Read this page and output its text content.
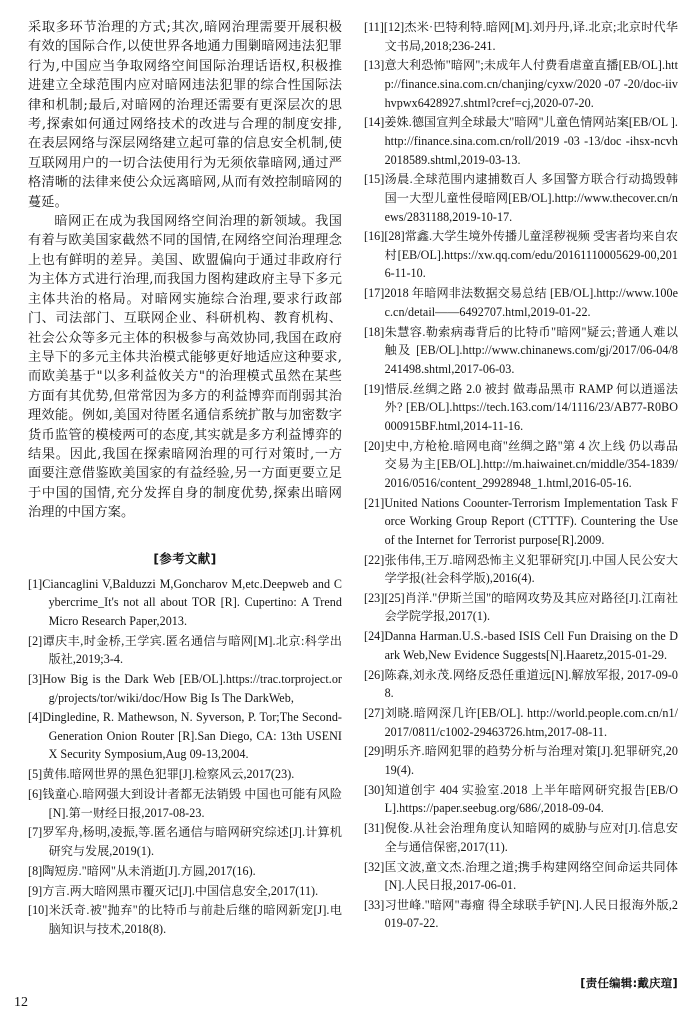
采取多环节治理的方式;其次,暗网治理需要开展积极有效的国际合作,以使世界各地通力围剿暗网违法犯罪行为,中国应当争取网络空间国际治理话语权,积极推进建立全球范围内应对暗网违法犯罪的综合性国际法律和机制;最后,对暗网的治理还需要有更深层次的思考,探索如何通过网络技术的改进与合理的制度安排,在表层网络与深层网络建立起可靠的信息安全机制,使互联网用户的一切合法使用行为无须依靠暗网,通过严格清晰的法律来使公众远离暗网,从而有效控制暗网的蔓延。

暗网正在成为我国网络空间治理的新领域。我国有着与欧美国家截然不同的国情,在网络空间治理理念上也有鲜明的差异。美国、欧盟偏向于通过非政府行为主体方式进行治理,而我国力图构建政府主导下多元主体共治的格局。对暗网实施综合治理,要求行政部门、司法部门、互联网企业、科研机构、教育机构、社会公众等多元主体的积极参与高效协同,我国在政府主导下的多元主体共治模式能够更好地适应这种要求,而欧美基于"以多利益攸关方"的治理模式虽然在某些方面有其优势,但常常因为多方的利益博弈而削弱其治理效能。例如,美国对待匿名通信系统扩散与加密数字货币监管的模棱两可的态度,其实就是多方利益博弈的结果。因此,我国在探索暗网治理的可行对策时,一方面要注意借鉴欧美国家的有益经验,另一方面更要立足于中国的国情,充分发挥自身的制度优势,探索出暗网治理的中国方案。

[参考文献]

[1]Ciancaglini V,Balduzzi M,Goncharov M,etc.Deepweb and Cybercrime_It's not all about TOR [R]. Cupertino: A Trend Micro Research Paper,2013.

[2]谭庆丰,时金桥,王学宾.匿名通信与暗网[M].北京:科学出版社,2019;3-4.

[3]How Big is the Dark Web [EB/OL].https://trac.torproject.org/projects/tor/wiki/doc/How Big Is The DarkWeb,

[4]Dingledine, R. Mathewson, N. Syverson, P. Tor;The Second-Generation Onion Router [R].San Diego, CA: 13th USENIX Security Symposium,Aug 09-13,2004.

[5]黄伟.暗网世界的黑色犯罪[J].检察风云,2017(23).

[6]钱童心.暗网强大到设计者都无法销毁 中国也可能有风险[N].第一财经日报,2017-08-23.

[7]罗军舟,杨明,凌振,等.匿名通信与暗网研究综述[J].计算机研究与发展,2019(1).

[8]陶短房."暗网"从未消逝[J].方圆,2017(16).

[9]方言.两大暗网黑市覆灭记[J].中国信息安全,2017(11).

[10]米沃奇.被"抛弃"的比特币与前赴后继的暗网新宠[J].电脑知识与技术,2018(8).

[11][12]杰米·巴特利特.暗网[M].刘丹丹,译.北京;北京时代华文书局,2018;236-241.

[13]意大利恐怖"暗网";未成年人付费看虐童直播[EB/OL].http://finance.sina.com.cn/chanjing/cyxw/2020 -07 -20/doc-iivhvpwx6428927.shtml?cref=cj,2020-07-20.

[14]姜姝.德国宣判全球最大"暗网"儿童色情网站案[EB/OL ].http://finance.sina.com.cn/roll/2019 -03 -13/doc -ihsx-ncvh2018589.shtml,2019-03-13.

[15]汤晨.全球范围内逮捕数百人 多国警方联合行动捣毁韩国一大型儿童性侵暗网[EB/OL].http://www.thecover.cn/news/2831188,2019-10-17.

[16][28]常鑫.大学生境外传播儿童淫秽视频 受害者均来自农村[EB/OL].https://xw.qq.com/edu/20161110005629-00,2016-11-10.

[17]2018 年暗网非法数据交易总结 [EB/OL].http://www.100ec.cn/detail——6492707.html,2019-01-22.

[18]朱慧容.勒索病毒背后的比特币"暗网"疑云;普通人难以触及 [EB/OL].http://www.chinanews.com/gj/2017/06-04/8241498.shtml,2017-06-03.

[19]惜辰.丝绸之路 2.0 被封 做毒品黑市 RAMP 何以逍遥法外? [EB/OL].https://tech.163.com/14/1116/23/AB77-R0BO000915BF.html,2014-11-16.

[20]史中,方枪枪.暗网电商"丝绸之路"第 4 次上线 仍以毒品交易为主[EB/OL].http://m.haiwainet.cn/middle/354-1839/2016/0516/content_29928948_1.html,2016-05-16.

[21]United Nations Coounter-Terrorism Implementation Task Force Working Group Report (CTTTF). Countering the Use of the Internet for Terrorist purpose[R].2009.

[22]张伟伟,王万.暗网恐怖主义犯罪研究[J].中国人民公安大学学报(社会科学版),2016(4).

[23][25]肖洋."伊斯兰国"的暗网攻势及其应对路径[J].江南社会学院学报,2017(1).

[24]Danna Harman.U.S.-based ISIS Cell Fun Draising on the Dark Web,New Evidence Suggests[N].Haaretz,2015-01-29.

[26]陈森,刘永茂.网络反恐任重道远[N].解放军报, 2017-09-08.

[27]刘晓.暗网深几许[EB/OL]. http://world.people.com.cn/n1/2017/0811/c1002-29463726.htm,2017-08-11.

[29]明乐齐.暗网犯罪的趋势分析与治理对策[J].犯罪研究,2019(4).

[30]知道创宇 404 实验室.2018 上半年暗网研究报告[EB/OL].https://paper.seebug.org/686/,2018-09-04.

[31]倪俊.从社会治理角度认知暗网的威胁与应对[J].信息安全与通信保密,2017(11).

[32]匡文波,童文杰.治理之道;携手构建网络空间命运共同体[N].人民日报,2017-06-01.

[33]习世峰."暗网"毒瘤 得全球联手铲[N].人民日报海外版,2019-07-22.

[责任编辑:戴庆瑄]
12
